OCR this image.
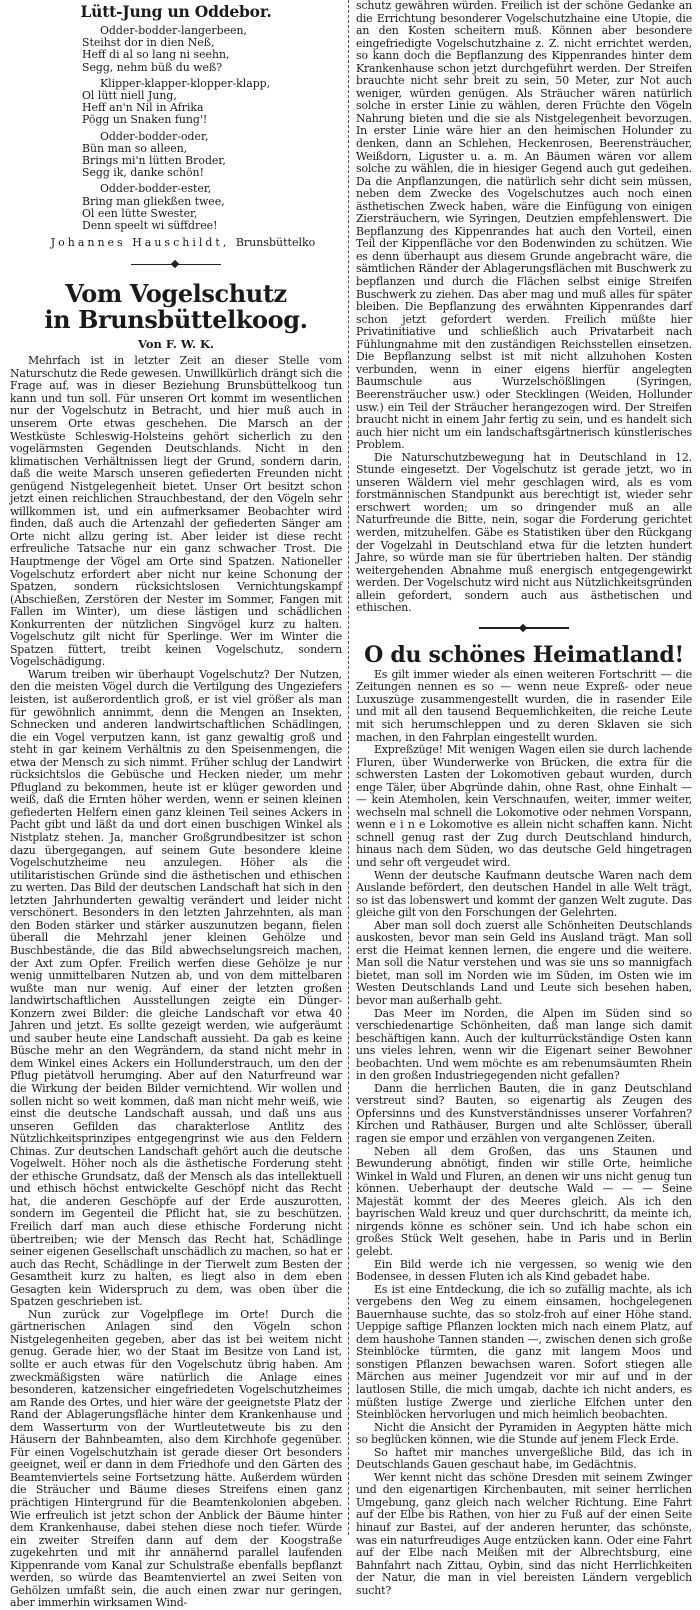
Lütt-Jung un Oddebor.
Odder-bodder-langerbeen,
Steihst dor in dien Neß,
Heff di al so lang ni seehn,
Segg, nehm büß du weß?
Klipper-klapper-klopper-klapp,
Ol lütt niell Jung,
Heff an'n Nil in Afrika
Pögg un Snaken fung'!
Odder-bodder-oder,
Bün man so alleen,
Brings mi'n lütten Broder,
Segg ik, danke schön!
Odder-bodder-ester,
Bring man gliekßen twee,
Ol een lütte Swester,
Denn speelt wi süffdree!
Johannes Hauschildt, Brunsbüttelko
Vom Vogelschutz
in Brunsbüttelkoog.
Von F. W. K.

Mehrfach ist in letzter Zeit an dieser Stelle vom Naturschutz die Rede gewesen. Unwillkürlich drängt sich die Frage auf, was in dieser Beziehung Brunsbüttelkoog tun kann und tun soll. Für unseren Ort kommt im wesentlichen nur der Vogelschutz in Betracht, und hier muß auch in unserem Orte etwas geschehen. Die Marsch an der Westküste Schleswig-Holsteins gehört sicherlich zu den vogelärmsten Gegenden Deutschlands. Nicht in den klimatischen Verhältnissen liegt der Grund, sondern darin, daß die weite Marsch unseren gefiederten Freunden nicht genügend Nistgelegenheit bietet. Unser Ort besitzt schon jetzt einen reichlichen Strauchbestand, der den Vögeln sehr willkommen ist, und ein aufmerksamer Beobachter wird finden, daß auch die Artenzahl der gefiederten Sänger am Orte nicht allzu gering ist. Aber leider ist diese recht erfreuliche Tatsache nur ein ganz schwacher Trost. Die Hauptmenge der Vögel am Orte sind Spatzen. Nationeller Vogelschutz erfordert aber nicht nur keine Schonung der Spatzen, sondern rücksichtslosen Vernichtungskampf (Abschießen, Zerstören der Nester im Sommer, Fangen mit Fallen im Winter), um diese lästigen und schädlichen Konkurrenten der nützlichen Singvögel kurz zu halten. Vogelschutz gilt nicht für Sperlinge. Wer im Winter die Spatzen füttert, treibt keinen Vogelschutz, sondern Vogelschädigung.

Warum treiben wir überhaupt Vogelschutz? Der Nutzen, den die meisten Vögel durch die Vertilgung des Ungeziefers leisten, ist außerordentlich groß, er ist viel größer als man für gewöhnlich annimmt, denn die Mengen an Insekten, Schnecken und anderen landwirtschaftlichen Schädlingen, die ein Vogel verputzen kann, ist ganz gewaltig groß und steht in gar keinem Verhältnis zu den Speisenmengen, die etwa der Mensch zu sich nimmt. Früher schlug der Landwirt rücksichtslos die Gebüsche und Hecken nieder, um mehr Pflugland zu bekommen, heute ist er klüger geworden und weiß, daß die Ernten höher werden, wenn er seinen kleinen gefiederten Helfern einen ganz kleinen Teil seines Ackers in Pacht gibt und läßt da und dort einen buschigen Winkel als Nistplatz stehen. Ja, mancher Großgrundbesitzer ist schon dazu übergegangen, auf seinem Gute besondere kleine Vogelschutzheime neu anzulegen. Höher als die utilitaristischen Gründe sind die ästhetischen und ethischen zu werten. Das Bild der deutschen Landschaft hat sich in den letzten Jahrhunderten gewaltig verändert und leider nicht verschönert. Besonders in den letzten Jahrzehnten, als man den Boden stärker und stärker auszunutzen begann, fielen überall die Mehrzahl jener kleinen Gehölze und Buschbestände, die das Bild abwechselungsreich machen, der Axt zum Opfer. Freilich werfen diese Gehölze je nur wenig unmittelbaren Nutzen ab, und von dem mittelbaren wußte man nur wenig. Auf einer der letzten großen landwirtschaftlichen Ausstellungen zeigte ein Dünger-Konzern zwei Bilder: die gleiche Landschaft vor etwa 40 Jahren und jetzt. Es sollte gezeigt werden, wie aufgeräumt und sauber heute eine Landschaft aussieht. Da gab es keine Büsche mehr an den Wegrändern, da stand nicht mehr in dem Winkel eines Ackers ein Hollunderstrauch, um den der Pflug pietätvoll herumging. Aber auf den Naturfreund war die Wirkung der beiden Bilder vernichtend. Wir wollen und sollen nicht so weit kommen, daß man nicht mehr weiß, wie einst die deutsche Landschaft aussah, und daß uns aus unseren Gefilden das charakterlose Antlitz des Nützlichkeitsprinzipes entgegengrinst wie aus den Feldern Chinas. Zur deutschen Landschaft gehört auch die deutsche Vogelwelt. Höher noch als die ästhetische Forderung steht der ethische Grundsatz, daß der Mensch als das intellektuell und ethisch höchst entwickelte Geschöpf nicht das Recht hat, die anderen Geschöpfe auf der Erde auszurotten, sondern im Gegenteil die Pflicht hat, sie zu beschützen. Freilich darf man auch diese ethische Forderung nicht übertreiben; wie der Mensch das Recht hat, Schädlinge seiner eigenen Gesellschaft unschädlich zu machen, so hat er auch das Recht, Schädlinge in der Tierwelt zum Besten der Gesamtheit kurz zu halten, es liegt also in dem eben Gesagten kein Widerspruch zu dem, was oben über die Spatzen geschrieben ist.

Nun zurück zur Vogelpflege im Orte! Durch die gärtnerischen Anlagen sind den Vögeln schon Nistgelegenheiten gegeben, aber das ist bei weitem nicht genug. Gerade hier, wo der Staat im Besitze von Land ist, sollte er auch etwas für den Vogelschutz übrig haben. Am zweckmäßigsten wäre natürlich die Anlage eines besonderen, katzensicher eingefriedeten Vogelschutzheimes am Rande des Ortes, und hier wäre der geeignetste Platz der Rand der Ablagerungsfläche hinter dem Krankenhause und dem Wasserturm von der Wurtleutetweute bis zu den Häusern der Bahnbeamten, also dem Kirchhofe gegenüber. Für einen Vogelschutzhain ist gerade dieser Ort besonders geeignet, weil er dann in dem Friedhofe und den Gärten des Beamtenviertels seine Fortsetzung hätte. Außerdem würden die Sträucher und Bäume dieses Streifens einen ganz prächtigen Hintergrund für die Beamtenkolonien abgeben. Wie erfreulich ist jetzt schon der Anblick der Bäume hinter dem Krankenhause, dabei stehen diese noch tiefer. Würde ein zweiter Streifen dann auf dem der Koogstraße zugekehrten und mit ihr annähernd parallel laufenden Kippenrande vom Kanal zur Schulstraße ebenfalls bepflanzt werden, so würde das Beamtenviertel an zwei Seiten von Gehölzen umfaßt sein, die auch einen zwar nur geringen, aber immerhin wirksamen Wind-

schutz gewähren würden. Freilich ist der schöne Gedanke an die Errichtung besonderer Vogelschutzhaine eine Utopie, die an den Kosten scheitern muß. Können aber besondere eingefriedigte Vogelschutzhaine z. Z. nicht errichtet werden, so kann doch die Bepflanzung des Kippenrandes hinter dem Krankenhause schon jetzt durchgeführt werden. Der Streifen brauchte nicht sehr breit zu sein, 50 Meter, zur Not auch weniger, würden genügen. Als Sträucher wären natürlich solche in erster Linie zu wählen, deren Früchte den Vögeln Nahrung bieten und die sie als Nistgelegenheit bevorzugen. In erster Linie wäre hier an den heimischen Holunder zu denken, dann an Schlehen, Heckenrosen, Beerensträucher, Weißdorn, Liguster u. a. m. An Bäumen wären vor allem solche zu wählen, die in hiesiger Gegend auch gut gedeihen. Da die Anpflanzungen, die natürlich sehr dicht sein müssen, neben dem Zwecke des Vogelschutzes auch noch einen ästhetischen Zweck haben, wäre die Einfügung von einigen Ziersträuchern, wie Syringen, Deutzien empfehlenswert. Die Bepflanzung des Kippenrandes hat auch den Vorteil, einen Teil der Kippenfläche vor den Bodenwinden zu schützen. Wie es denn überhaupt aus diesem Grunde angebracht wäre, die sämtlichen Ränder der Ablagerungsflächen mit Buschwerk zu bepflanzen und durch die Flächen selbst einige Streifen Buschwerk zu ziehen. Das aber mag und muß alles für später bleiben. Die Bepflanzung des erwähnten Kippenrandes darf schon jetzt gefordert werden. Freilich müßte hier Privatinitiative und schließlich auch Privatarbeit nach Fühlungnahme mit den zuständigen Reichsstellen einsetzen. Die Bepflanzung selbst ist mit nicht allzuhohen Kosten verbunden, wenn in einer eigens hierfür angelegten Baumschule aus Wurzelschößlingen (Syringen, Beerensträucher usw.) oder Stecklingen (Weiden, Hollunder usw.) ein Teil der Sträucher herangezogen wird. Der Streifen braucht nicht in einem Jahr fertig zu sein, und es handelt sich auch hier nicht um ein landschaftsgärtnerisch künstlerisches Problem.

Die Naturschutzbewegung hat in Deutschland in 12. Stunde eingesetzt. Der Vogelschutz ist gerade jetzt, wo in unseren Wäldern viel mehr geschlagen wird, als es vom forstmännischen Standpunkt aus berechtigt ist, wieder sehr erschwert worden; um so dringender muß an alle Naturfreunde die Bitte, nein, sogar die Forderung gerichtet werden, mitzuhelfen. Gäbe es Statistiken über den Rückgang der Vogelzahl in Deutschland etwa für die letzten hundert Jahre, so würde man sie für übertrieben halten. Der ständig weitergehenden Abnahme muß energisch entgegengewirkt werden. Der Vogelschutz wird nicht aus Nützlichkeitsgründen allein gefordert, sondern auch aus ästhetischen und ethischen.

O du schönes Heimatland!

Es gilt immer wieder als einen weiteren Fortschritt — die Zeitungen nennen es so — wenn neue Expreß- oder neue Luxuszüge zusammengestellt wurden, die in rasender Eile und mit all den tausend Bequemlichkeiten, die reiche Leute mit sich herumschleppen und zu deren Sklaven sie sich machen, in den Fahrplan eingestellt wurden.

Expreßzüge! Mit wenigen Wagen eilen sie durch lachende Fluren, über Wunderwerke von Brücken, die extra für die schwersten Lasten der Lokomotiven gebaut wurden, durch enge Täler, über Abgründe dahin, ohne Rast, ohne Einhalt — — kein Atemholen, kein Verschnaufen, weiter, immer weiter, wechseln mal schnell die Lokomotive oder nehmen Vorspann, wenn e i n e Lokomotive es allein nicht schaffen kann. Nicht schnell genug rast der Zug durch Deutschland hindurch, hinaus nach dem Süden, wo das deutsche Geld hingetragen und sehr oft vergeudet wird.

Wenn der deutsche Kaufmann deutsche Waren nach dem Auslande befördert, den deutschen Handel in alle Welt trägt, so ist das lobenswert und kommt der ganzen Welt zugute. Das gleiche gilt von den Forschungen der Gelehrten.

Aber man soll doch zuerst alle Schönheiten Deutschlands auskosten, bevor man sein Geld ins Ausland trägt. Man soll erst die Heimat kennen lernen, die engere und die weitere. Man soll die Natur verstehen und was sie uns so mannigfach bietet, man soll im Norden wie im Süden, im Osten wie im Westen Deutschlands Land und Leute sich besehen haben, bevor man außerhalb geht.

Das Meer im Norden, die Alpen im Süden sind so verschiedenartige Schönheiten, daß man lange sich damit beschäftigen kann. Auch der kulturrückständige Osten kann uns vieles lehren, wenn wir die Eigenart seiner Bewohner beobachten. Und wem möchte es am rebenumsäumten Rhein in den großen Industriegegenden nicht gefallen?

Dann die herrlichen Bauten, die in ganz Deutschland verstreut sind? Bauten, so eigenartig als Zeugen des Opfersinns und des Kunstverständnisses unserer Vorfahren? Kirchen und Rathäuser, Burgen und alte Schlösser, überall ragen sie empor und erzählen von vergangenen Zeiten.

Neben all dem Großen, das uns Staunen und Bewunderung abnötigt, finden wir stille Orte, heimliche Winkel in Wald und Fluren, an denen wir uns nicht genug tun können. Ueberhaupt der deutsche Wald — — — Seine Majestät kommt der des Meeres gleich. Als ich den bayrischen Wald kreuz und quer durchschritt, da meinte ich, nirgends könne es schöner sein. Und ich habe schon ein großes Stück Welt gesehen, habe in Paris und in Berlin gelebt.

Ein Bild werde ich nie vergessen, so wenig wie den Bodensee, in dessen Fluten ich als Kind gebadet habe.

Es ist eine Entdeckung, die ich so zufällig machte, als ich vergebens den Weg zu einem einsamen, hochgelegenen Bauernhause suchte, das so stolz-froh auf einer Höhe stand. Ueppige saftige Pflanzen lockten mich nach einem Platz, auf dem haushohe Tannen standen —, zwischen denen sich große Steinblöcke türmten, die ganz mit langem Moos und sonstigen Pflanzen bewachsen waren. Sofort stiegen alle Märchen aus meiner Jugendzeit vor mir auf und in der lautlosen Stille, die mich umgab, dachte ich nicht anders, es müßten lustige Zwerge und zierliche Elfchen unter den Steinblöcken hervorlugen und mich heimlich beobachten.

Nicht die Ansicht der Pyramiden in Aegypten hätte mich so beglücken können, wie die Stunde auf jenem Fleck Erde.

So haftet mir manches unvergeßliche Bild, das ich in Deutschlands Gauen geschaut habe, im Gedächtnis.

Wer kennt nicht das schöne Dresden mit seinem Zwinger und den eigenartigen Kirchenbauten, mit seiner herrlichen Umgebung, ganz gleich nach welcher Richtung. Eine Fahrt auf der Elbe bis Rathen, von hier zu Fuß auf der einen Seite hinauf zur Bastei, auf der anderen herunter, das schönste, was ein naturfreudiges Auge entzücken kann. Oder eine Fahrt auf der Elbe nach Meißen mit der Albrechtsburg, eine Bahnfahrt nach Zittau, Oybin, sind das nicht Herrlichkeiten der Natur, die man in viel bereisten Ländern vergeblich sucht?
